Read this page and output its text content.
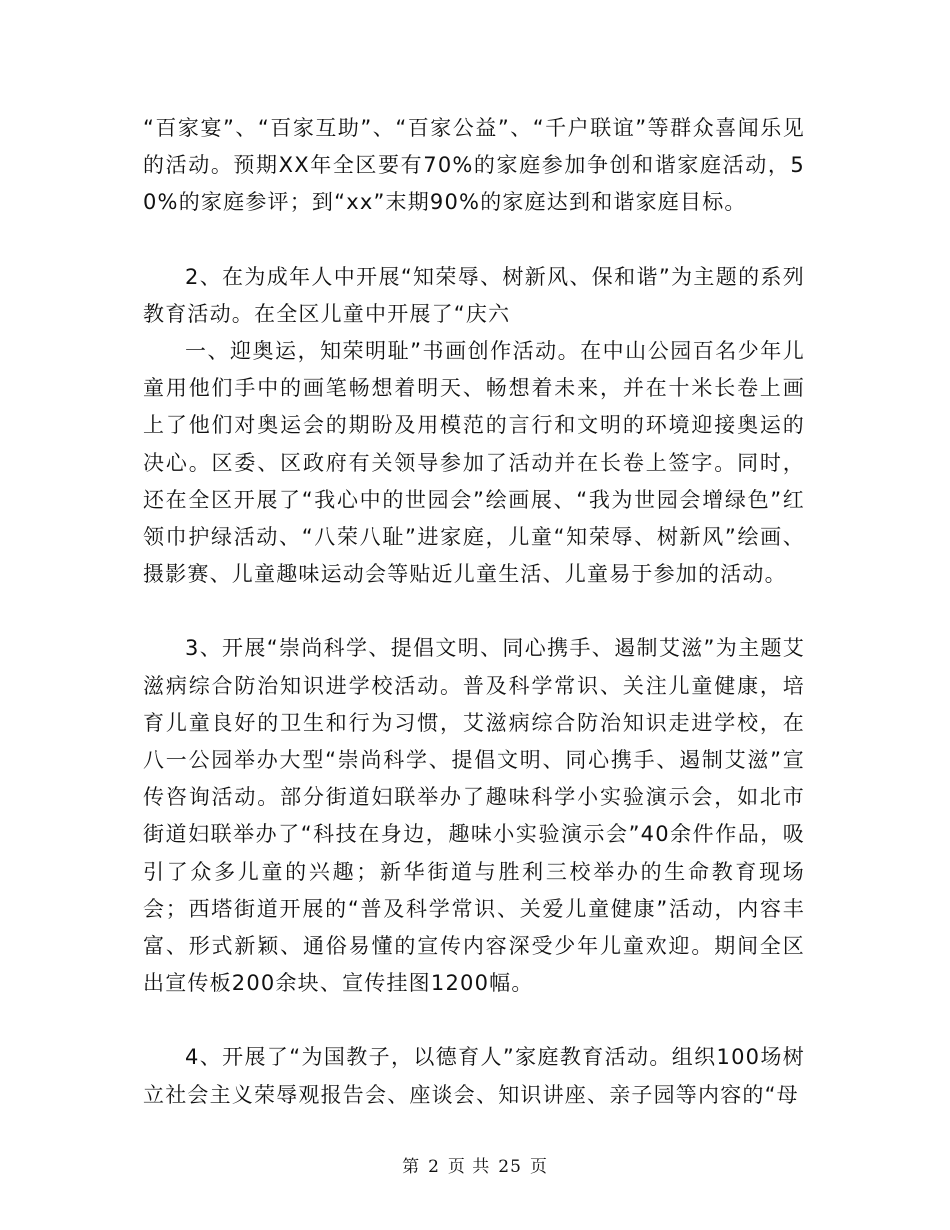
“百家宴”、“百家互助”、“百家公益”、“千户联谊”等群众喜闻乐见的活动。预期XX年全区要有70%的家庭参加争创和谐家庭活动，50%的家庭参评；到“xx”末期90%的家庭达到和谐家庭目标。

2、在为成年人中开展“知荣辱、树新风、保和谐”为主题的系列教育活动。在全区儿童中开展了“庆六

一、迎奥运，知荣明耻”书画创作活动。在中山公园百名少年儿童用他们手中的画笔畅想着明天、畅想着未来，并在十米长卷上画上了他们对奥运会的期盼及用模范的言行和文明的环境迎接奥运的决心。区委、区政府有关领导参加了活动并在长卷上签字。同时，还在全区开展了“我心中的世园会”绘画展、“我为世园会增绿色”红领巾护绿活动、“八荣八耻”进家庭，儿童“知荣辱、树新风”绘画、摄影赛、儿童趣味运动会等贴近儿童生活、儿童易于参加的活动。

3、开展“崇尚科学、提倡文明、同心携手、遏制艾滋”为主题艾滋病综合防治知识进学校活动。普及科学常识、关注儿童健康，培育儿童良好的卫生和行为习惯，艾滋病综合防治知识走进学校，在八一公园举办大型“崇尚科学、提倡文明、同心携手、遏制艾滋”宣传咨询活动。部分街道妇联举办了趣味科学小实验演示会，如北市街道妇联举办了“科技在身边，趣味小实验演示会”40余件作品，吸引了众多儿童的兴趣；新华街道与胜利三校举办的生命教育现场会；西塔街道开展的“普及科学常识、关爱儿童健康”活动，内容丰富、形式新颖、通俗易懂的宣传内容深受少年儿童欢迎。期间全区出宣传板200余块、宣传挂图1200幅。

4、开展了“为国教子，以德育人”家庭教育活动。组织100场树立社会主义荣辱观报告会、座谈会、知识讲座、亲子园等内容的“母

第 2 页 共 25 页
